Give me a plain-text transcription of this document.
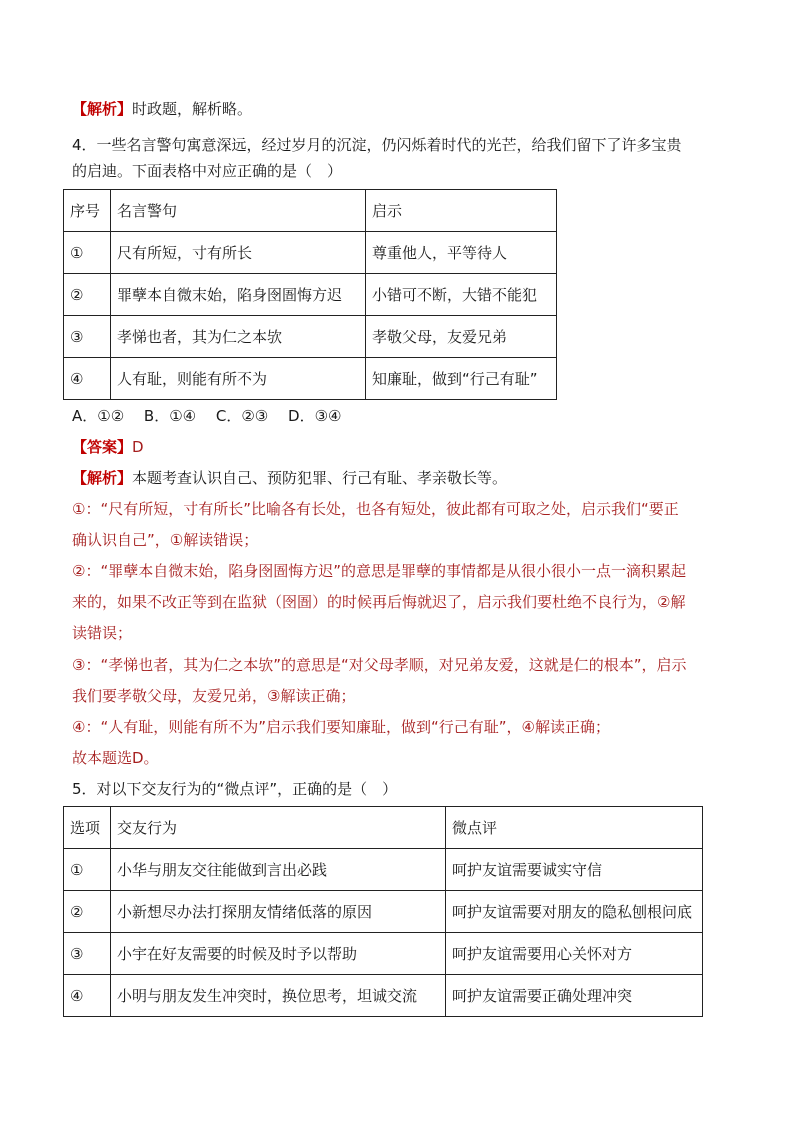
【解析】时政题，解析略。
4．一些名言警句寓意深远，经过岁月的沉淀，仍闪烁着时代的光芒，给我们留下了许多宝贵
的启迪。下面表格中对应正确的是（　）
序号	名言警句	启示
①	尺有所短，寸有所长	尊重他人，平等待人
②	罪孽本自微末始，陷身囹圄悔方迟	小错可不断，大错不能犯
③	孝悌也者，其为仁之本欤	孝敬父母，友爱兄弟
④	人有耻，则能有所不为	知廉耻，做到“行己有耻”
A．①②　 B．①④　 C．②③　 D．③④
【答案】D
【解析】本题考查认识自己、预防犯罪、行己有耻、孝亲敬长等。
①：“尺有所短，寸有所长”比喻各有长处，也各有短处，彼此都有可取之处，启示我们“要正
确认识自己”，①解读错误；
②：“罪孽本自微末始，陷身囹圄悔方迟”的意思是罪孽的事情都是从很小很小一点一滴积累起
来的，如果不改正等到在监狱（囹圄）的时候再后悔就迟了，启示我们要杜绝不良行为，②解
读错误；
③：“孝悌也者，其为仁之本欤”的意思是“对父母孝顺，对兄弟友爱，这就是仁的根本”，启示
我们要孝敬父母，友爱兄弟，③解读正确；
④：“人有耻，则能有所不为”启示我们要知廉耻，做到“行己有耻”，④解读正确；
故本题选D。
5．对以下交友行为的“微点评”，正确的是（　）
选项	交友行为	微点评
①	小华与朋友交往能做到言出必践	呵护友谊需要诚实守信
②	小新想尽办法打探朋友情绪低落的原因	呵护友谊需要对朋友的隐私刨根问底
③	小宇在好友需要的时候及时予以帮助	呵护友谊需要用心关怀对方
④	小明与朋友发生冲突时，换位思考，坦诚交流	呵护友谊需要正确处理冲突
